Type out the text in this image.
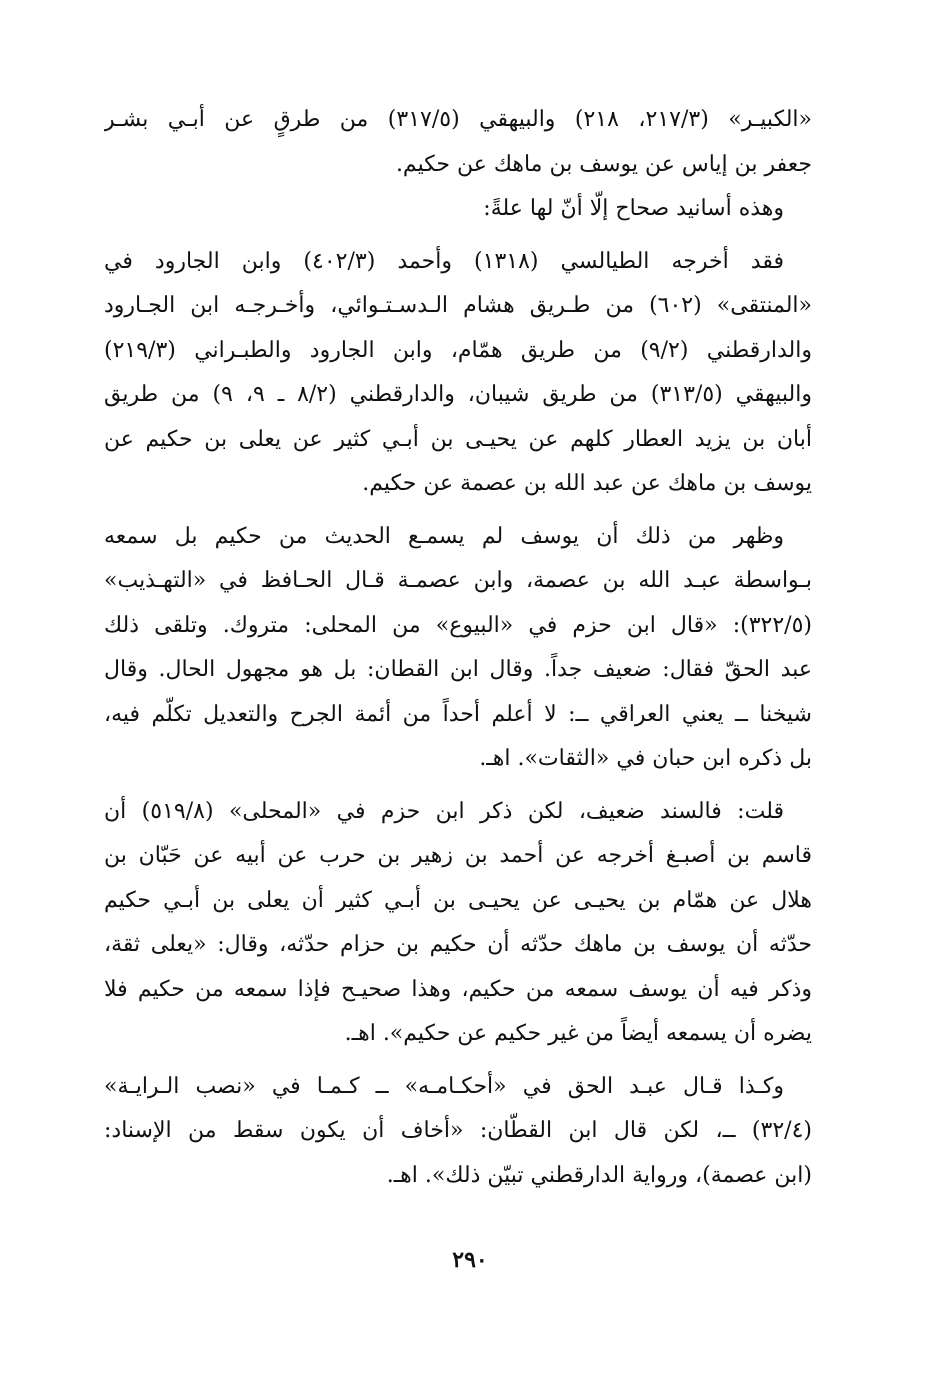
«الكبيـر» (٢١٧/٣، ٢١٨) والبيهقي (٣١٧/٥) من طرقٍ عن أبـي بشـر
جعفر بن إياس عن يوسف بن ماهك عن حكيم.
وهذه أسانيد صحاح إلّا أنّ لها علةً:
فقد أخرجه الطيالسي (١٣١٨) وأحمد (٤٠٢/٣) وابن الجارود في
«المنتقى» (٦٠٢) من طـريق هشام الـدسـتـوائي، وأخـرجـه ابن الجـارود
والدارقطني (٩/٢) من طريق همّام، وابن الجارود والطبـراني (٢١٩/٣)
والبيهقي (٣١٣/٥) من طريق شيبان، والدارقطني (٨/٢ ـ ٩، ٩) من طريق
أبان بن يزيد العطار كلهم عن يحيـى بن أبـي كثير عن يعلى بن حكيم عن
يوسف بن ماهك عن عبد الله بن عصمة عن حكيم.
وظهر من ذلك أن يوسف لم يسمـع الحديث من حكيم بل سمعه
بـواسطة عبـد الله بن عصمة، وابن عصمـة قـال الحـافظ في «التهـذيب»
(٣٢٢/٥): «قال ابن حزم في «البيوع» من المحلى: متروك. وتلقى ذلك
عبد الحقّ فقال: ضعيف جداً. وقال ابن القطان: بل هو مجهول الحال. وقال
شيخنا ــ يعني العراقي ــ: لا أعلم أحداً من أئمة الجرح والتعديل تكلّم فيه،
بل ذكره ابن حبان في «الثقات». اهـ.
قلت: فالسند ضعيف، لكن ذكر ابن حزم في «المحلى» (٥١٩/٨) أن
قاسم بن أصبـغ أخرجه عن أحمد بن زهير بن حرب عن أبيه عن حَبّان بن
هلال عن همّام بن يحيـى عن يحيـى بن أبـي كثير أن يعلى بن أبـي حكيم
حدّثه أن يوسف بن ماهك حدّثه أن حكيم بن حزام حدّثه، وقال: «يعلى ثقة،
وذكر فيه أن يوسف سمعه من حكيم، وهذا صحيـح فإذا سمعه من حكيم فلا
يضره أن يسمعه أيضاً من غير حكيم عن حكيم». اهـ.
وكـذا قـال عبـد الحق في «أحكـامـه» ــ كـمـا في «نصب الـرايـة»
(٣٢/٤) ــ، لكن قال ابن القطّان: «أخاف أن يكون سقط من الإسناد:
(ابن عصمة)، ورواية الدارقطني تبيّن ذلك». اهـ.
٢٩٠
